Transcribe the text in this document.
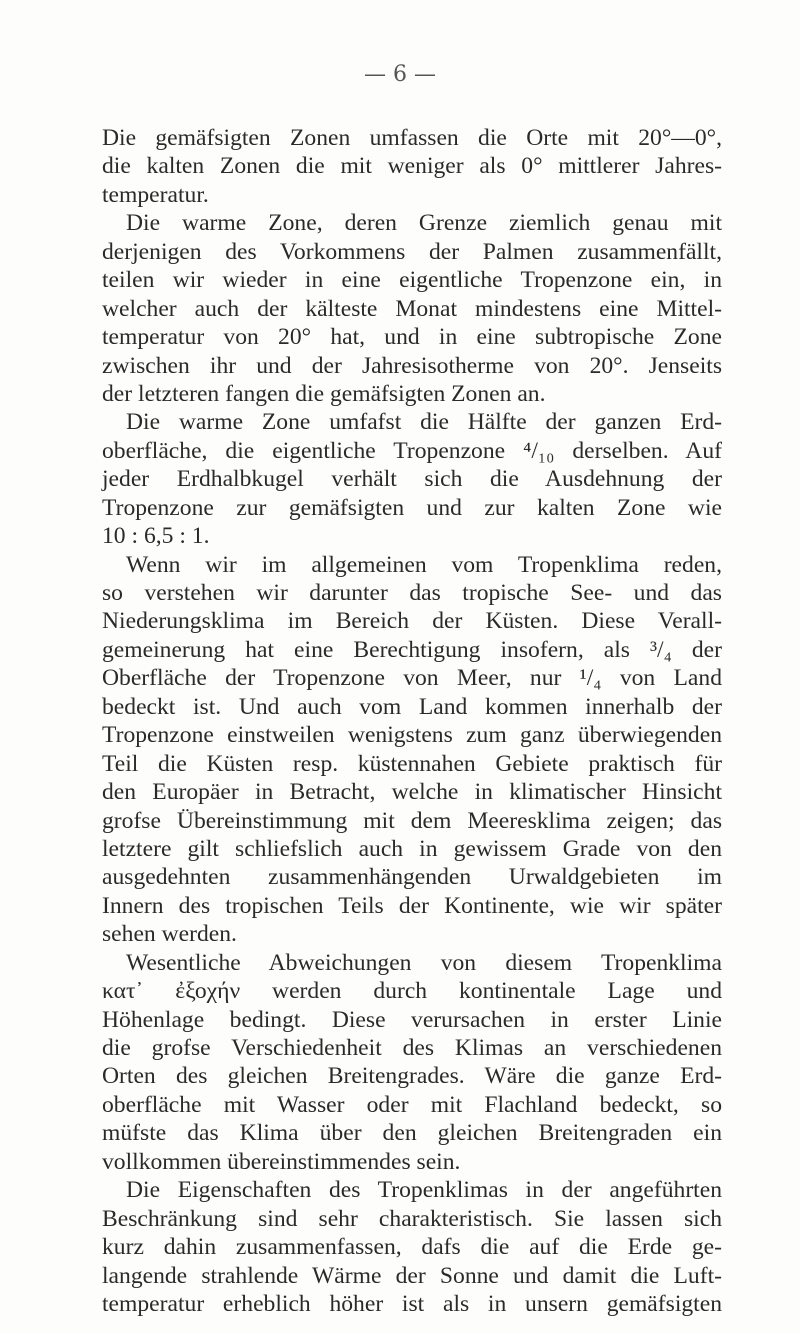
— 6 —
Die gemäfsigten Zonen umfassen die Orte mit 20°—0°,
die kalten Zonen die mit weniger als 0° mittlerer Jahres-
temperatur.
Die warme Zone, deren Grenze ziemlich genau mit
derjenigen des Vorkommens der Palmen zusammenfällt,
teilen wir wieder in eine eigentliche Tropenzone ein, in
welcher auch der kälteste Monat mindestens eine Mittel-
temperatur von 20° hat, und in eine subtropische Zone
zwischen ihr und der Jahresisotherme von 20°. Jenseits
der letzteren fangen die gemäfsigten Zonen an.
Die warme Zone umfafst die Hälfte der ganzen Erd-
oberfläche, die eigentliche Tropenzone ⁴/₁₀ derselben. Auf
jeder Erdhalbkugel verhält sich die Ausdehnung der
Tropenzone zur gemäfsigten und zur kalten Zone wie
10 : 6,5 : 1.
Wenn wir im allgemeinen vom Tropenklima reden,
so verstehen wir darunter das tropische See- und das
Niederungsklima im Bereich der Küsten. Diese Verall-
gemeinerung hat eine Berechtigung insofern, als ³/₄ der
Oberfläche der Tropenzone von Meer, nur ¹/₄ von Land
bedeckt ist. Und auch vom Land kommen innerhalb der
Tropenzone einstweilen wenigstens zum ganz überwiegenden
Teil die Küsten resp. küstennahen Gebiete praktisch für
den Europäer in Betracht, welche in klimatischer Hinsicht
grofse Übereinstimmung mit dem Meeresklima zeigen; das
letztere gilt schliefslich auch in gewissem Grade von den
ausgedehnten zusammenhängenden Urwaldgebieten im
Innern des tropischen Teils der Kontinente, wie wir später
sehen werden.
Wesentliche Abweichungen von diesem Tropenklima
κατ᾽ ἐξοχήν werden durch kontinentale Lage und
Höhenlage bedingt. Diese verursachen in erster Linie
die grofse Verschiedenheit des Klimas an verschiedenen
Orten des gleichen Breitengrades. Wäre die ganze Erd-
oberfläche mit Wasser oder mit Flachland bedeckt, so
müfste das Klima über den gleichen Breitengraden ein
vollkommen übereinstimmendes sein.
Die Eigenschaften des Tropenklimas in der angeführten
Beschränkung sind sehr charakteristisch. Sie lassen sich
kurz dahin zusammenfassen, dafs die auf die Erde ge-
langende strahlende Wärme der Sonne und damit die Luft-
temperatur erheblich höher ist als in unsern gemäfsigten
